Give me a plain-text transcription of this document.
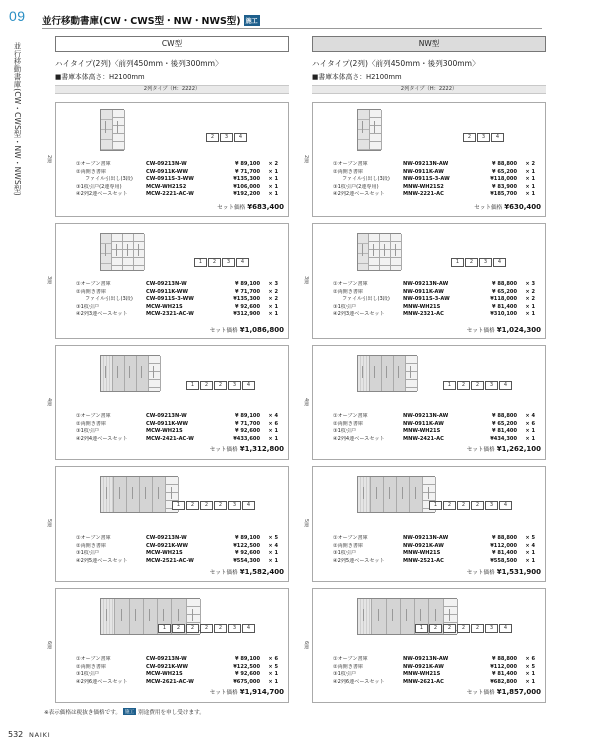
09 並行移動書庫(CW・CWS型・NW・NWS型) 施工
並行移動書庫(CW・CWS型・NW・NWS型)	CW型
ハイタイプ(2列)〈前列450mm・後列300mm〉
■書庫本体高さ：H2100mm
2列タイプ（H：2222）
NW型
ハイタイプ(2列)〈前列450mm・後列300mm〉
■書庫本体高さ：H2100mm
2列タイプ（H：2222）
2連
2 3 4
①オープン書庫	CW-09213N-W	¥ 89,100	× 2
②両開き書庫	CW-0911K-WW	¥ 71,700	× 1
ファイル引出し(3段)	CW-0911S-3-WW	¥135,300	× 1
③1枚引戸(2連専用)	MCW-WH21S2	¥106,000	× 1
④2列2連ベースセット	MCW-2221-AC-W	¥192,200	× 1
セット価格 ¥683,400
3連
1 2 3 4
①オープン書庫	CW-09213N-W	¥ 89,100	× 3
②両開き書庫	CW-0911K-WW	¥ 71,700	× 2
ファイル引出し(3段)	CW-0911S-3-WW	¥135,300	× 2
③1枚引戸	MCW-WH21S	¥ 92,600	× 1
④2列3連ベースセット	MCW-2321-AC-W	¥312,900	× 1
セット価格 ¥1,086,800
4連
1 2 2 3 4
①オープン書庫	CW-09213N-W	¥ 89,100	× 4
②両開き書庫	CW-0911K-WW	¥ 71,700	× 6
③1枚引戸	MCW-WH21S	¥ 92,600	× 1
④2列4連ベースセット	MCW-2421-AC-W	¥433,600	× 1
セット価格 ¥1,312,800
5連
1 2 2 2 3 4
①オープン書庫	CW-09213N-W	¥ 89,100	× 5
②両開き書庫	CW-0921K-WW	¥122,500	× 4
③1枚引戸	MCW-WH21S	¥ 92,600	× 1
④2列5連ベースセット	MCW-2521-AC-W	¥554,300	× 1
セット価格 ¥1,582,400
6連
1 2 2 2 2 3 4
①オープン書庫	CW-09213N-W	¥ 89,100	× 6
②両開き書庫	CW-0921K-WW	¥122,500	× 5
③1枚引戸	MCW-WH21S	¥ 92,600	× 1
④2列6連ベースセット	MCW-2621-AC-W	¥675,000	× 1
セット価格 ¥1,914,700
2連
2 3 4
①オープン書庫	NW-09213N-AW	¥ 88,800	× 2
②両開き書庫	NW-0911K-AW	¥ 65,200	× 1
ファイル引出し(3段)	NW-0911S-3-AW	¥118,000	× 1
③1枚引戸(2連専用)	MNW-WH21S2	¥ 83,900	× 1
④2列2連ベースセット	MNW-2221-AC	¥185,700	× 1
セット価格 ¥630,400
3連
1 2 3 4
①オープン書庫	NW-09213N-AW	¥ 88,800	× 3
②両開き書庫	NW-0911K-AW	¥ 65,200	× 2
ファイル引出し(3段)	NW-0911S-3-AW	¥118,000	× 2
③1枚引戸	MNW-WH21S	¥ 81,400	× 1
④2列3連ベースセット	MNW-2321-AC	¥310,100	× 1
セット価格 ¥1,024,300
4連
1 2 2 3 4
①オープン書庫	NW-09213N-AW	¥ 88,800	× 4
②両開き書庫	NW-0911K-AW	¥ 65,200	× 6
③1枚引戸	MNW-WH21S	¥ 81,400	× 1
④2列4連ベースセット	MNW-2421-AC	¥434,300	× 1
セット価格 ¥1,262,100
5連
1 2 2 2 3 4
①オープン書庫	NW-09213N-AW	¥ 88,800	× 5
②両開き書庫	NW-0921K-AW	¥112,000	× 4
③1枚引戸	MNW-WH21S	¥ 81,400	× 1
④2列5連ベースセット	MNW-2521-AC	¥558,500	× 1
セット価格 ¥1,531,900
6連
1 2 2 2 2 3 4
①オープン書庫	NW-09213N-AW	¥ 88,800	× 6
②両開き書庫	NW-0921K-AW	¥112,000	× 5
③1枚引戸	MNW-WH21S	¥ 81,400	× 1
④2列6連ベースセット	MNW-2621-AC	¥682,800	× 1
セット価格 ¥1,857,000
※表示価格は税抜き価格です。 施工 別途費用を申し受けます。
532 NAIKI
